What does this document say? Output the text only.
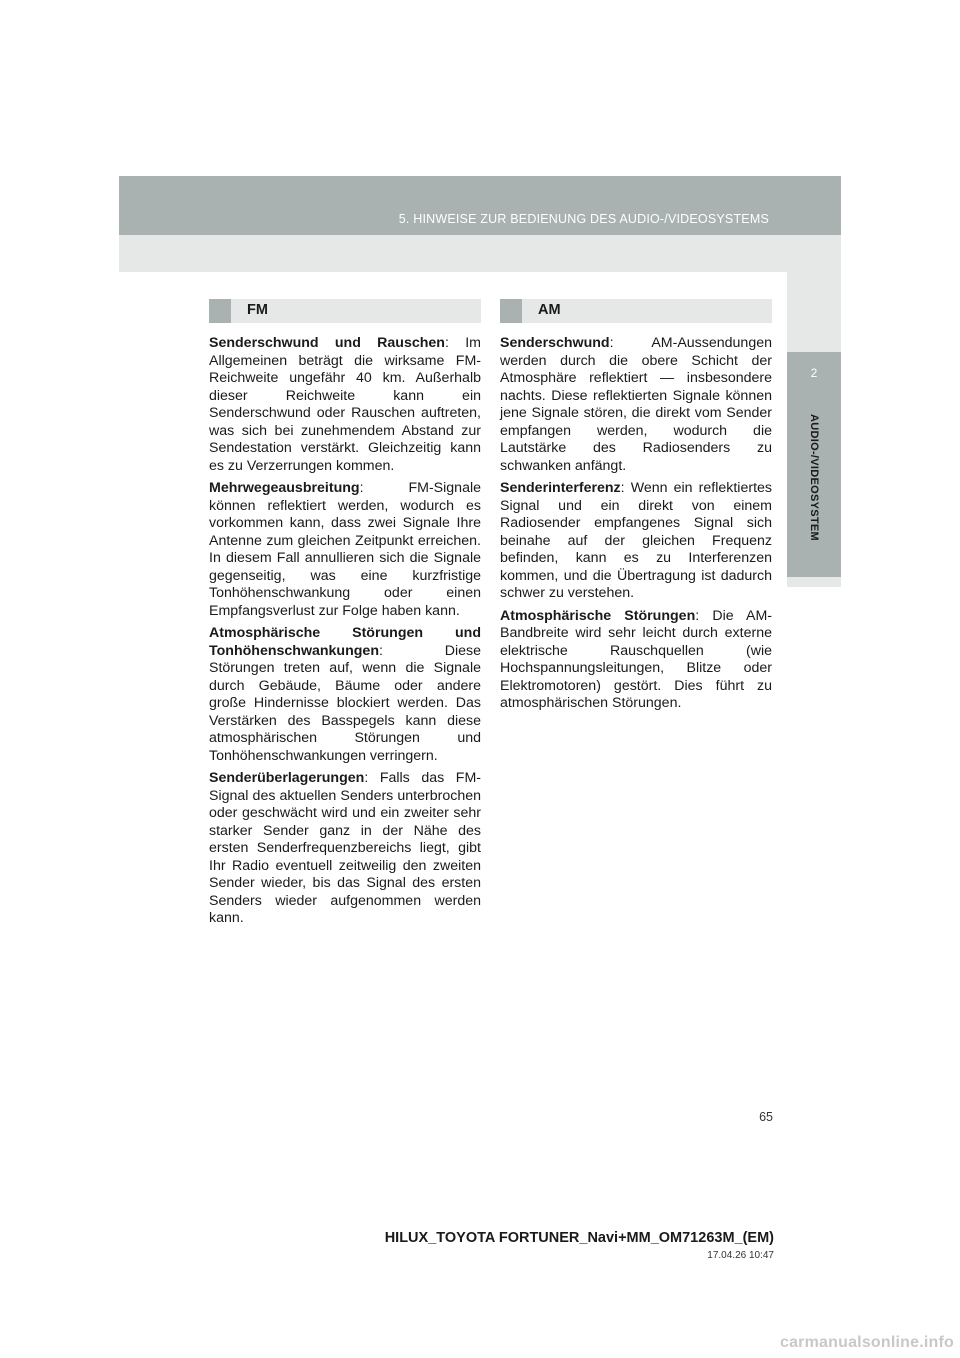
5. HINWEISE ZUR BEDIENUNG DES AUDIO-/VIDEOSYSTEMS
2
AUDIO-/VIDEOSYSTEM
FM

Senderschwund und Rauschen: Im Allgemeinen beträgt die wirksame FM-Reichweite ungefähr 40 km. Außerhalb dieser Reichweite kann ein Senderschwund oder Rauschen auftreten, was sich bei zunehmendem Abstand zur Sendestation verstärkt. Gleichzeitig kann es zu Verzerrungen kommen.

Mehrwegeausbreitung: FM-Signale können reflektiert werden, wodurch es vorkommen kann, dass zwei Signale Ihre Antenne zum gleichen Zeitpunkt erreichen. In diesem Fall annullieren sich die Signale gegenseitig, was eine kurzfristige Tonhöhenschwankung oder einen Empfangsverlust zur Folge haben kann.

Atmosphärische Störungen und Tonhöhenschwankungen: Diese Störungen treten auf, wenn die Signale durch Gebäude, Bäume oder andere große Hindernisse blockiert werden. Das Verstärken des Basspegels kann diese atmosphärischen Störungen und Tonhöhenschwankungen verringern.

Senderüberlagerungen: Falls das FM-Signal des aktuellen Senders unterbrochen oder geschwächt wird und ein zweiter sehr starker Sender ganz in der Nähe des ersten Senderfrequenzbereichs liegt, gibt Ihr Radio eventuell zeitweilig den zweiten Sender wieder, bis das Signal des ersten Senders wieder aufgenommen werden kann.

AM

Senderschwund: AM-Aussendungen werden durch die obere Schicht der Atmosphäre reflektiert — insbesondere nachts. Diese reflektierten Signale können jene Signale stören, die direkt vom Sender empfangen werden, wodurch die Lautstärke des Radiosenders zu schwanken anfängt.

Senderinterferenz: Wenn ein reflektiertes Signal und ein direkt von einem Radiosender empfangenes Signal sich beinahe auf der gleichen Frequenz befinden, kann es zu Interferenzen kommen, und die Übertragung ist dadurch schwer zu verstehen.

Atmosphärische Störungen: Die AM-Bandbreite wird sehr leicht durch externe elektrische Rauschquellen (wie Hochspannungsleitungen, Blitze oder Elektromotoren) gestört. Dies führt zu atmosphärischen Störungen.

65
HILUX_TOYOTA FORTUNER_Navi+MM_OM71263M_(EM)
17.04.26 10:47
carmanualsonline.info
